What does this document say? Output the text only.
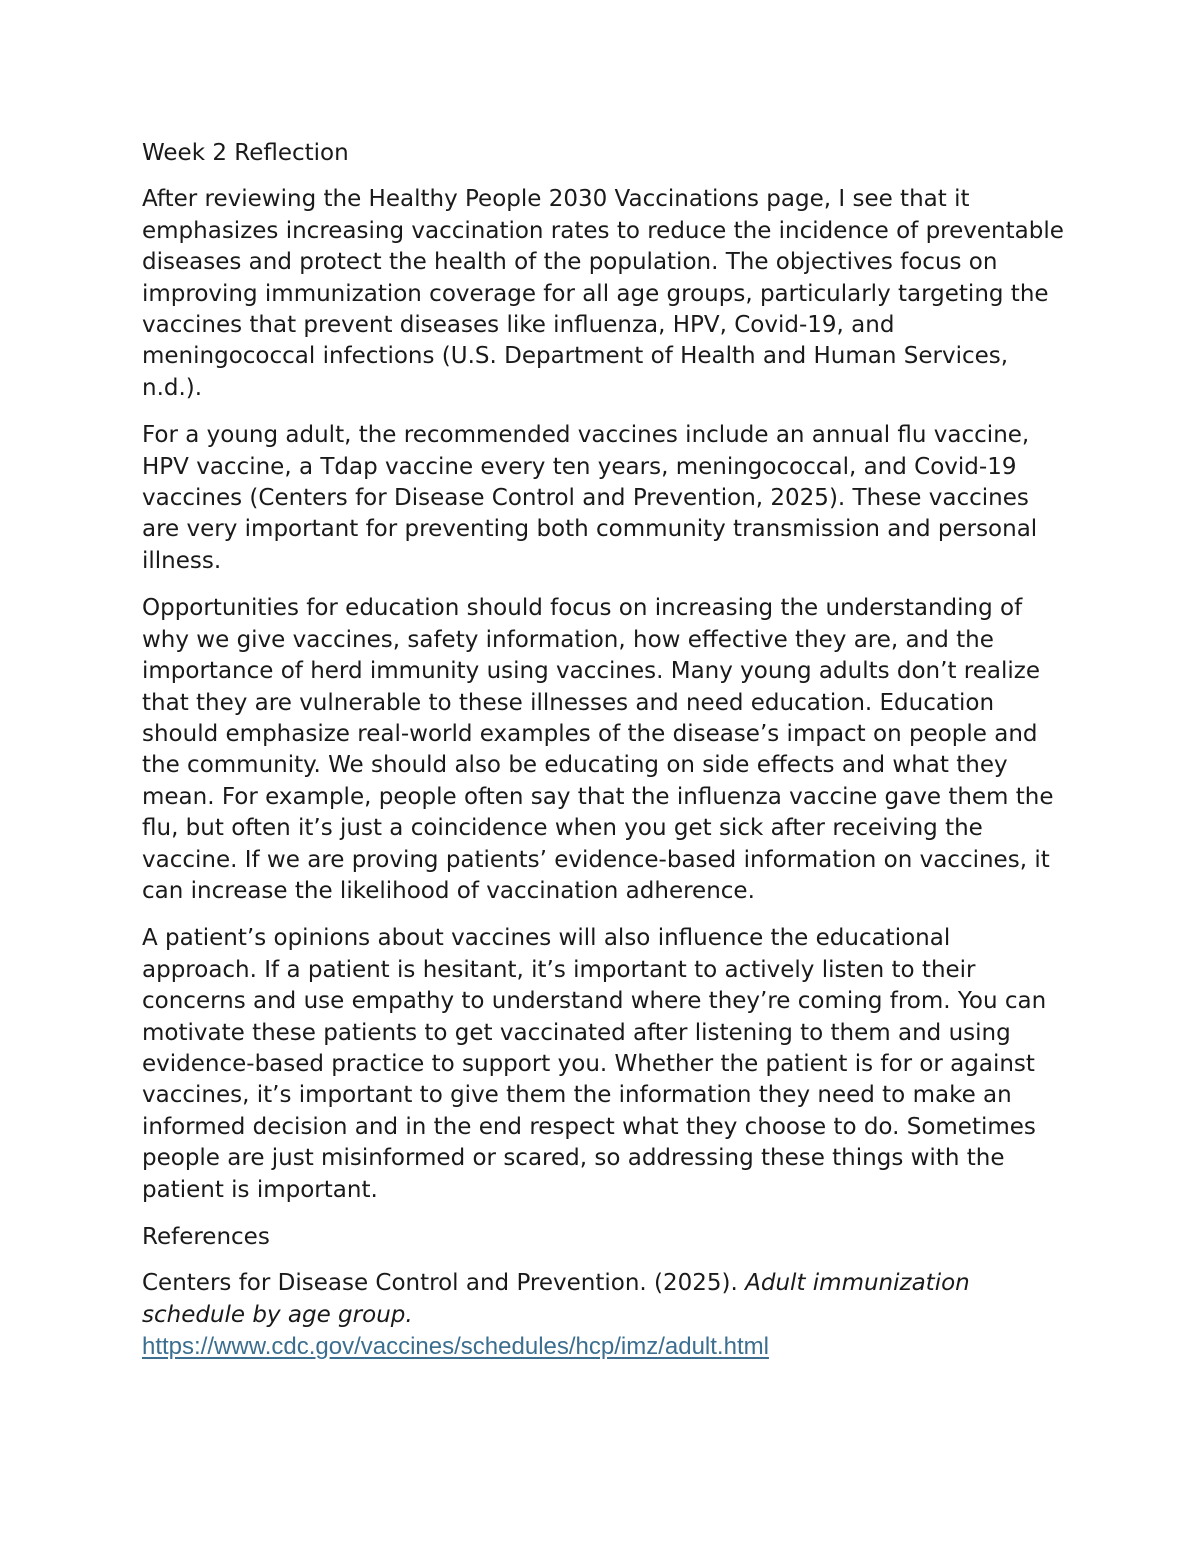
Week 2 Reflection

After reviewing the Healthy People 2030 Vaccinations page, I see that it emphasizes increasing vaccination rates to reduce the incidence of preventable diseases and protect the health of the population. The objectives focus on improving immunization coverage for all age groups, particularly targeting the vaccines that prevent diseases like influenza, HPV, Covid-19, and meningococcal infections (U.S. Department of Health and Human Services, n.d.).

For a young adult, the recommended vaccines include an annual flu vaccine, HPV vaccine, a Tdap vaccine every ten years, meningococcal, and Covid-19 vaccines (Centers for Disease Control and Prevention, 2025). These vaccines are very important for preventing both community transmission and personal illness.

Opportunities for education should focus on increasing the understanding of why we give vaccines, safety information, how effective they are, and the importance of herd immunity using vaccines. Many young adults don’t realize that they are vulnerable to these illnesses and need education. Education should emphasize real-world examples of the disease’s impact on people and the community. We should also be educating on side effects and what they mean. For example, people often say that the influenza vaccine gave them the flu, but often it’s just a coincidence when you get sick after receiving the vaccine. If we are proving patients’ evidence-based information on vaccines, it can increase the likelihood of vaccination adherence.

A patient’s opinions about vaccines will also influence the educational approach. If a patient is hesitant, it’s important to actively listen to their concerns and use empathy to understand where they’re coming from. You can motivate these patients to get vaccinated after listening to them and using evidence-based practice to support you. Whether the patient is for or against vaccines, it’s important to give them the information they need to make an informed decision and in the end respect what they choose to do. Sometimes people are just misinformed or scared, so addressing these things with the patient is important.

References

Centers for Disease Control and Prevention. (2025). Adult immunization schedule by age group.
https://www.cdc.gov/vaccines/schedules/hcp/imz/adult.html
